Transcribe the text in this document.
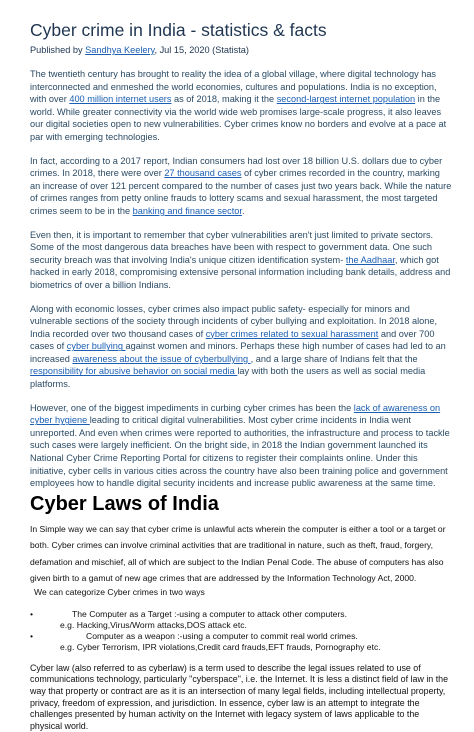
Cyber crime in India - statistics & facts
Published by Sandhya Keelery, Jul 15, 2020 (Statista)

The twentieth century has brought to reality the idea of a global village, where digital technology has interconnected and enmeshed the world economies, cultures and populations. India is no exception, with over 400 million internet users as of 2018, making it the second-largest internet population in the world. While greater connectivity via the world wide web promises large-scale progress, it also leaves our digital societies open to new vulnerabilities. Cyber crimes know no borders and evolve at a pace at par with emerging technologies.

In fact, according to a 2017 report, Indian consumers had lost over 18 billion U.S. dollars due to cyber crimes. In 2018, there were over 27 thousand cases of cyber crimes recorded in the country, marking an increase of over 121 percent compared to the number of cases just two years back. While the nature of crimes ranges from petty online frauds to lottery scams and sexual harassment, the most targeted crimes seem to be in the banking and finance sector.

Even then, it is important to remember that cyber vulnerabilities aren't just limited to private sectors. Some of the most dangerous data breaches have been with respect to government data. One such security breach was that involving India's unique citizen identification system- the Aadhaar, which got hacked in early 2018, compromising extensive personal information including bank details, address and biometrics of over a billion Indians.

Along with economic losses, cyber crimes also impact public safety- especially for minors and vulnerable sections of the society through incidents of cyber bullying and exploitation. In 2018 alone, India recorded over two thousand cases of cyber crimes related to sexual harassment and over 700 cases of cyber bullying against women and minors. Perhaps these high number of cases had led to an increased awareness about the issue of cyberbullying , and a large share of Indians felt that the responsibility for abusive behavior on social media lay with both the users as well as social media platforms.

However, one of the biggest impediments in curbing cyber crimes has been the lack of awareness on cyber hygiene leading to critical digital vulnerabilities. Most cyber crime incidents in India went unreported. And even when crimes were reported to authorities, the infrastructure and process to tackle such cases were largely inefficient. On the bright side, in 2018 the Indian government launched its National Cyber Crime Reporting Portal for citizens to register their complaints online. Under this initiative, cyber cells in various cities across the country have also been training police and government employees how to handle digital security incidents and increase public awareness at the same time.

Cyber Laws of India

In Simple way we can say that cyber crime is unlawful acts wherein the computer is either a tool or a target or both. Cyber crimes can involve criminal activities that are traditional in nature, such as theft, fraud, forgery, defamation and mischief, all of which are subject to the Indian Penal Code. The abuse of computers has also given birth to a gamut of new age crimes that are addressed by the Information Technology Act, 2000.

We can categorize Cyber crimes in two ways

•	The Computer as a Target :-using a computer to attack other computers.

e.g. Hacking,Virus/Worm attacks,DOS attack etc.

•	Computer as a weapon :-using a computer to commit real world crimes.

e.g. Cyber Terrorism, IPR violations,Credit card frauds,EFT frauds, Pornography etc.

Cyber law (also referred to as cyberlaw) is a term used to describe the legal issues related to use of communications technology, particularly "cyberspace", i.e. the Internet. It is less a distinct field of law in the way that property or contract are as it is an intersection of many legal fields, including intellectual property, privacy, freedom of expression, and jurisdiction. In essence, cyber law is an attempt to integrate the challenges presented by human activity on the Internet with legacy system of laws applicable to the physical world.
